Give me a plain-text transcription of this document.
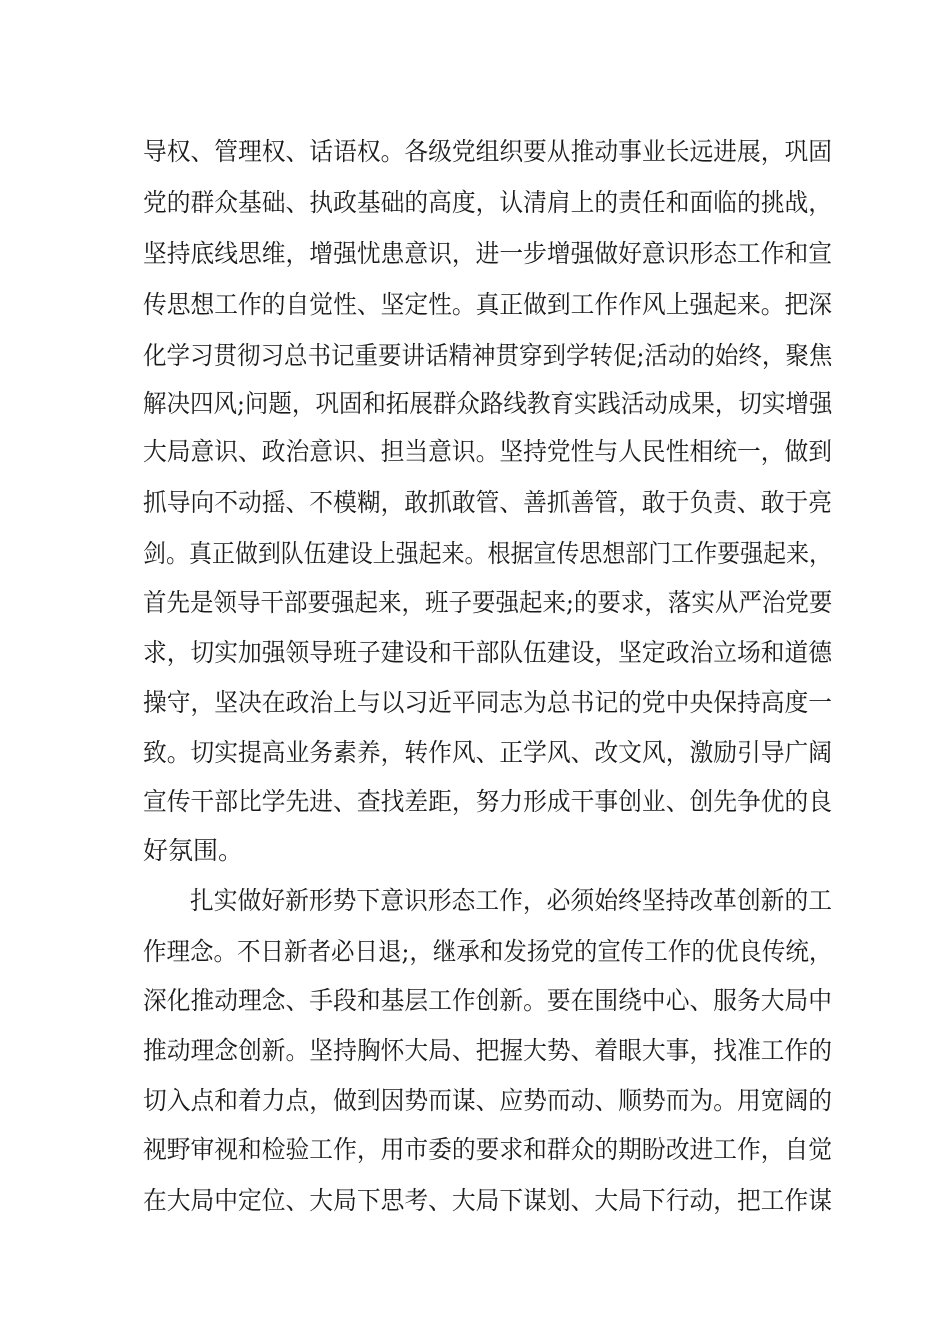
导权、管理权、话语权。各级党组织要从推动事业长远进展，巩固
党的群众基础、执政基础的高度，认清肩上的责任和面临的挑战，
坚持底线思维，增强忧患意识，进一步增强做好意识形态工作和宣
传思想工作的自觉性、坚定性。真正做到工作作风上强起来。把深
化学习贯彻习总书记重要讲话精神贯穿到学转促;活动的始终，聚焦
解决四风;问题，巩固和拓展群众路线教育实践活动成果，切实增强
大局意识、政治意识、担当意识。坚持党性与人民性相统一，做到
抓导向不动摇、不模糊，敢抓敢管、善抓善管，敢于负责、敢于亮
剑。真正做到队伍建设上强起来。根据宣传思想部门工作要强起来，
首先是领导干部要强起来，班子要强起来;的要求，落实从严治党要
求，切实加强领导班子建设和干部队伍建设，坚定政治立场和道德
操守，坚决在政治上与以习近平同志为总书记的党中央保持高度一
致。切实提高业务素养，转作风、正学风、改文风，激励引导广阔
宣传干部比学先进、查找差距，努力形成干事创业、创先争优的良
好氛围。
扎实做好新形势下意识形态工作，必须始终坚持改革创新的工
作理念。不日新者必日退;，继承和发扬党的宣传工作的优良传统，
深化推动理念、手段和基层工作创新。要在围绕中心、服务大局中
推动理念创新。坚持胸怀大局、把握大势、着眼大事，找准工作的
切入点和着力点，做到因势而谋、应势而动、顺势而为。用宽阔的
视野审视和检验工作，用市委的要求和群众的期盼改进工作，自觉
在大局中定位、大局下思考、大局下谋划、大局下行动，把工作谋
